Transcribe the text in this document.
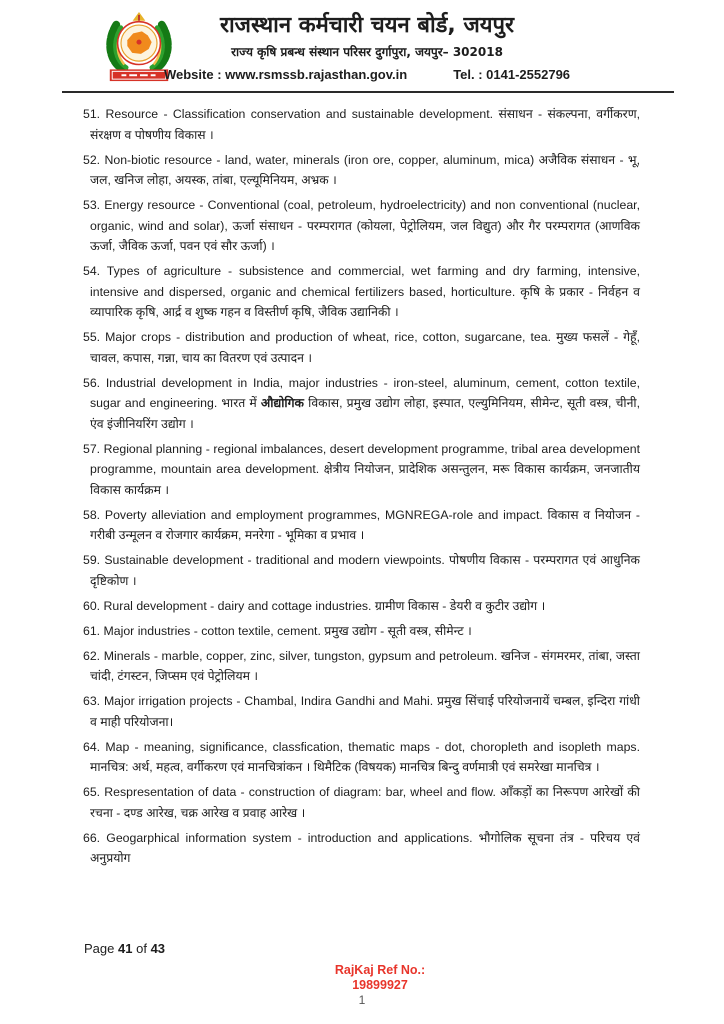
राजस्थान कर्मचारी चयन बोर्ड, जयपुर
राज्य कृषि प्रबन्ध संस्थान परिसर दुर्गापुरा, जयपुर– 302018
Website : www.rsmssb.rajasthan.gov.in	Tel. : 0141-2552796

51. Resource - Classification conservation and sustainable development. संसाधन - संकल्पना, वर्गीकरण, संरक्षण व पोषणीय विकास ।

52. Non-biotic resource - land, water, minerals (iron ore, copper, aluminum, mica) अजैविक संसाधन - भू, जल, खनिज लोहा, अयस्क, तांबा, एल्यूमिनियम, अभ्रक ।

53. Energy resource - Conventional (coal, petroleum, hydroelectricity) and non conventional (nuclear, organic, wind and solar), ऊर्जा संसाधन - परम्परागत (कोयला, पेट्रोलियम, जल विद्युत) और गैर परम्परागत (आणविक ऊर्जा, जैविक ऊर्जा, पवन एवं सौर ऊर्जा) ।

54. Types of agriculture - subsistence and commercial, wet farming and dry farming, intensive, intensive and dispersed, organic and chemical fertilizers based, horticulture. कृषि के प्रकार - निर्वहन व व्यापारिक कृषि, आर्द्र व शुष्क गहन व विस्तीर्ण कृषि, जैविक उद्यानिकी ।

55. Major crops - distribution and production of wheat, rice, cotton, sugarcane, tea. मुख्य फसलें - गेहूँ, चावल, कपास, गन्ना, चाय का वितरण एवं उत्पादन ।

56. Industrial development in India, major industries - iron-steel, aluminum, cement, cotton textile, sugar and engineering. भारत में औद्योगिक विकास, प्रमुख उद्योग लोहा, इस्पात, एल्युमिनियम, सीमेन्ट, सूती वस्त्र, चीनी, एंव इंजीनियरिंग उद्योग ।

57. Regional planning - regional imbalances, desert development programme, tribal area development programme, mountain area development. क्षेत्रीय नियोजन, प्रादेशिक असन्तुलन, मरू विकास कार्यक्रम, जनजातीय विकास कार्यक्रम ।

58. Poverty alleviation and employment programmes, MGNREGA-role and impact. विकास व नियोजन - गरीबी उन्मूलन व रोजगार कार्यक्रम, मनरेगा - भूमिका व प्रभाव ।

59. Sustainable development - traditional and modern viewpoints. पोषणीय विकास - परम्परागत एवं आधुनिक दृष्टिकोण ।

60. Rural development - dairy and cottage industries. ग्रामीण विकास - डेयरी व कुटीर उद्योग ।

61. Major industries - cotton textile, cement. प्रमुख उद्योग - सूती वस्त्र, सीमेन्ट ।

62. Minerals - marble, copper, zinc, silver, tungston, gypsum and petroleum. खनिज - संगमरमर, तांबा, जस्ता चांदी, टंगस्टन, जिप्सम एवं पेट्रोलियम ।

63. Major irrigation projects - Chambal, Indira Gandhi and Mahi. प्रमुख सिंचाई परियोजनायें चम्बल, इन्दिरा गांधी व माही परियोजना।

64. Map - meaning, significance, classfication, thematic maps - dot, choropleth and isopleth maps. मानचित्र: अर्थ, महत्व, वर्गीकरण एवं मानचित्रांकन । थिमैटिक (विषयक) मानचित्र बिन्दु वर्णमात्री एवं समरेखा मानचित्र ।

65. Respresentation of data - construction of diagram: bar, wheel and flow. आँकड़ों का निरूपण आरेखों की रचना - दण्ड आरेख, चक्र आरेख व प्रवाह आरेख ।

66. Geogarphical information system - introduction and applications. भौगोलिक सूचना तंत्र - परिचय एवं अनुप्रयोग

Page 41 of 43
RajKaj Ref No.:
19899927
1
